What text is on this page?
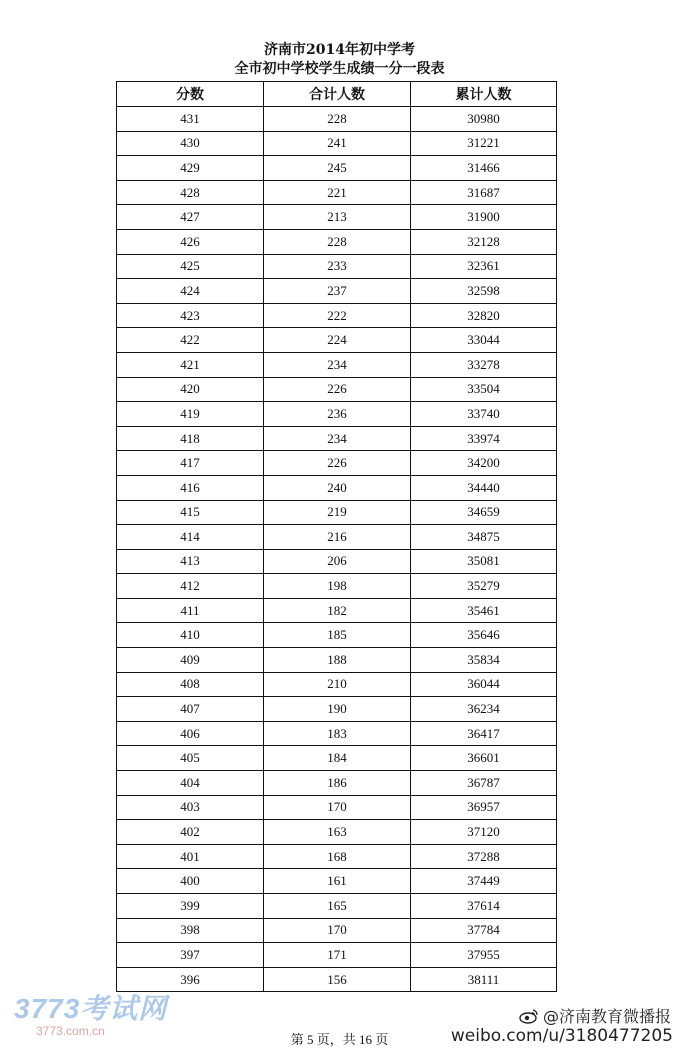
济南市2014年初中学考
全市初中学校学生成绩一分一段表
分数	合计人数	累计人数
431	228	30980
430	241	31221
429	245	31466
428	221	31687
427	213	31900
426	228	32128
425	233	32361
424	237	32598
423	222	32820
422	224	33044
421	234	33278
420	226	33504
419	236	33740
418	234	33974
417	226	34200
416	240	34440
415	219	34659
414	216	34875
413	206	35081
412	198	35279
411	182	35461
410	185	35646
409	188	35834
408	210	36044
407	190	36234
406	183	36417
405	184	36601
404	186	36787
403	170	36957
402	163	37120
401	168	37288
400	161	37449
399	165	37614
398	170	37784
397	171	37955
396	156	38111
第 5 页，共 16 页
3773考试网
3773.com.cn
@济南教育微播报
weibo.com/u/3180477205
